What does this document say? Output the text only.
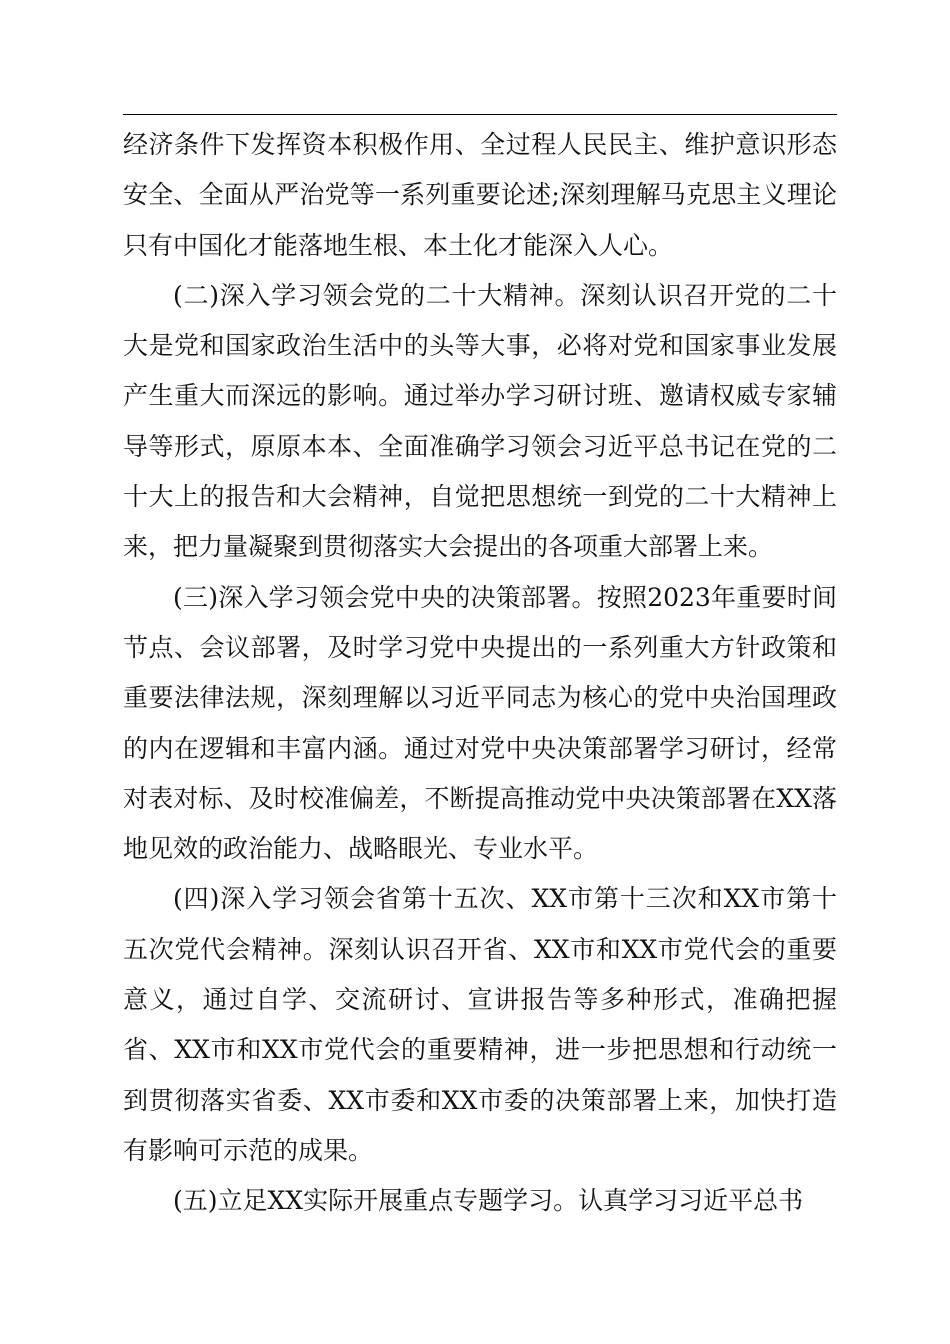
经济条件下发挥资本积极作用、全过程人民民主、维护意识形态安全、全面从严治党等一系列重要论述;深刻理解马克思主义理论只有中国化才能落地生根、本土化才能深入人心。

(二)深入学习领会党的二十大精神。深刻认识召开党的二十大是党和国家政治生活中的头等大事，必将对党和国家事业发展产生重大而深远的影响。通过举办学习研讨班、邀请权威专家辅导等形式，原原本本、全面准确学习领会习近平总书记在党的二十大上的报告和大会精神，自觉把思想统一到党的二十大精神上来，把力量凝聚到贯彻落实大会提出的各项重大部署上来。

(三)深入学习领会党中央的决策部署。按照2023年重要时间节点、会议部署，及时学习党中央提出的一系列重大方针政策和重要法律法规，深刻理解以习近平同志为核心的党中央治国理政的内在逻辑和丰富内涵。通过对党中央决策部署学习研讨，经常对表对标、及时校准偏差，不断提高推动党中央决策部署在XX落地见效的政治能力、战略眼光、专业水平。

(四)深入学习领会省第十五次、XX市第十三次和XX市第十五次党代会精神。深刻认识召开省、XX市和XX市党代会的重要意义，通过自学、交流研讨、宣讲报告等多种形式，准确把握省、XX市和XX市党代会的重要精神，进一步把思想和行动统一到贯彻落实省委、XX市委和XX市委的决策部署上来，加快打造有影响可示范的成果。

(五)立足XX实际开展重点专题学习。认真学习习近平总书
